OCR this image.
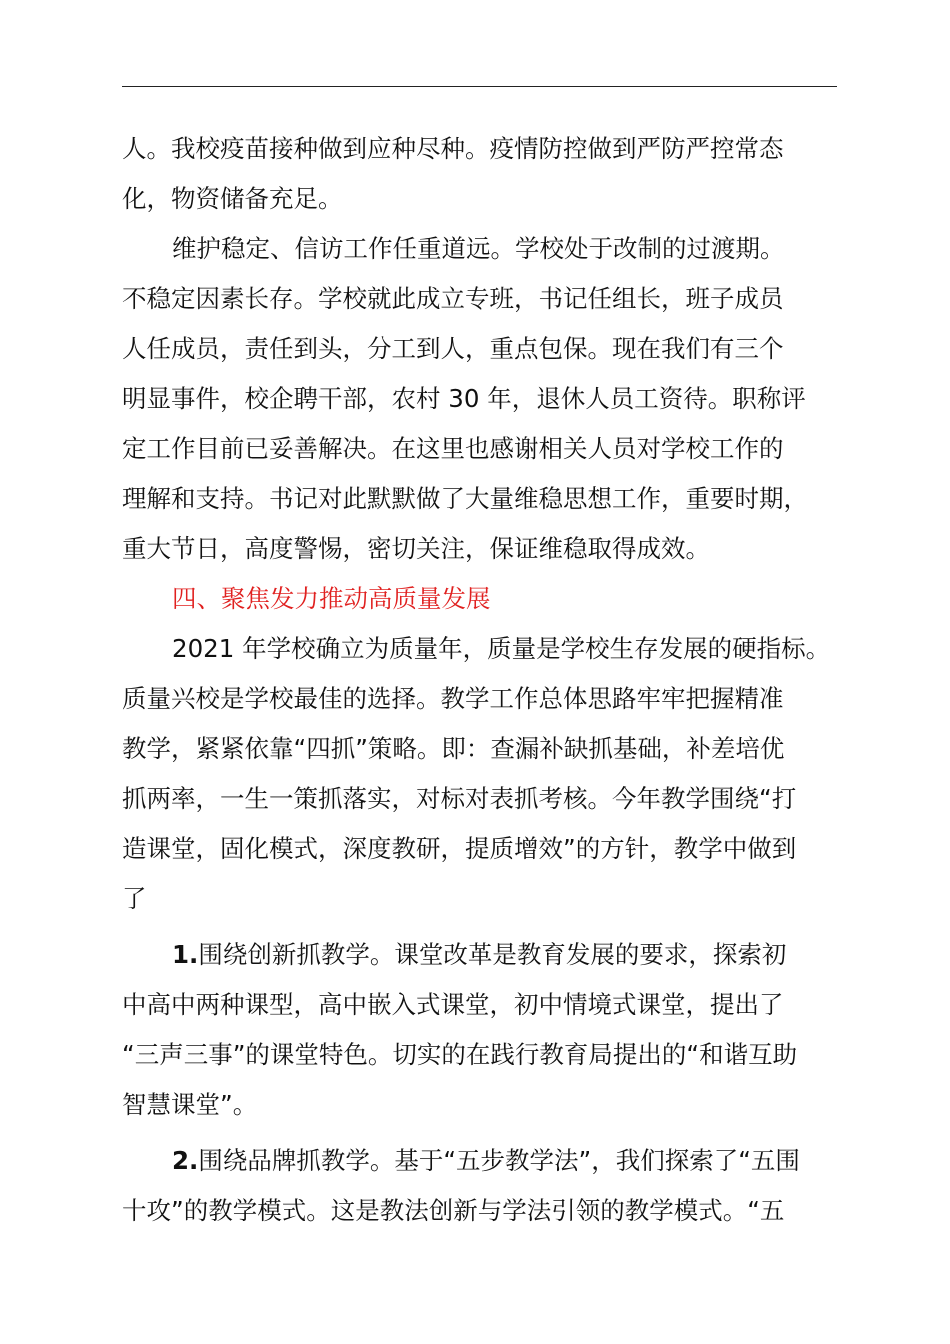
人。我校疫苗接种做到应种尽种。疫情防控做到严防严控常态

化，物资储备充足。

维护稳定、信访工作任重道远。学校处于改制的过渡期。

不稳定因素长存。学校就此成立专班，书记任组长，班子成员

人任成员，责任到头，分工到人，重点包保。现在我们有三个

明显事件，校企聘干部，农村 30 年，退休人员工资待。职称评

定工作目前已妥善解决。在这里也感谢相关人员对学校工作的

理解和支持。书记对此默默做了大量维稳思想工作，重要时期，

重大节日，高度警惕，密切关注，保证维稳取得成效。

四、聚焦发力推动高质量发展

2021 年学校确立为质量年，质量是学校生存发展的硬指标。

质量兴校是学校最佳的选择。教学工作总体思路牢牢把握精准

教学，紧紧依靠“四抓”策略。即：查漏补缺抓基础，补差培优

抓两率，一生一策抓落实，对标对表抓考核。今年教学围绕“打

造课堂，固化模式，深度教研，提质增效”的方针，教学中做到

了

1.围绕创新抓教学。课堂改革是教育发展的要求，探索初

中高中两种课型，高中嵌入式课堂，初中情境式课堂，提出了

“三声三事”的课堂特色。切实的在践行教育局提出的“和谐互助

智慧课堂”。

2.围绕品牌抓教学。基于“五步教学法”，我们探索了“五围

十攻”的教学模式。这是教法创新与学法引领的教学模式。“五
